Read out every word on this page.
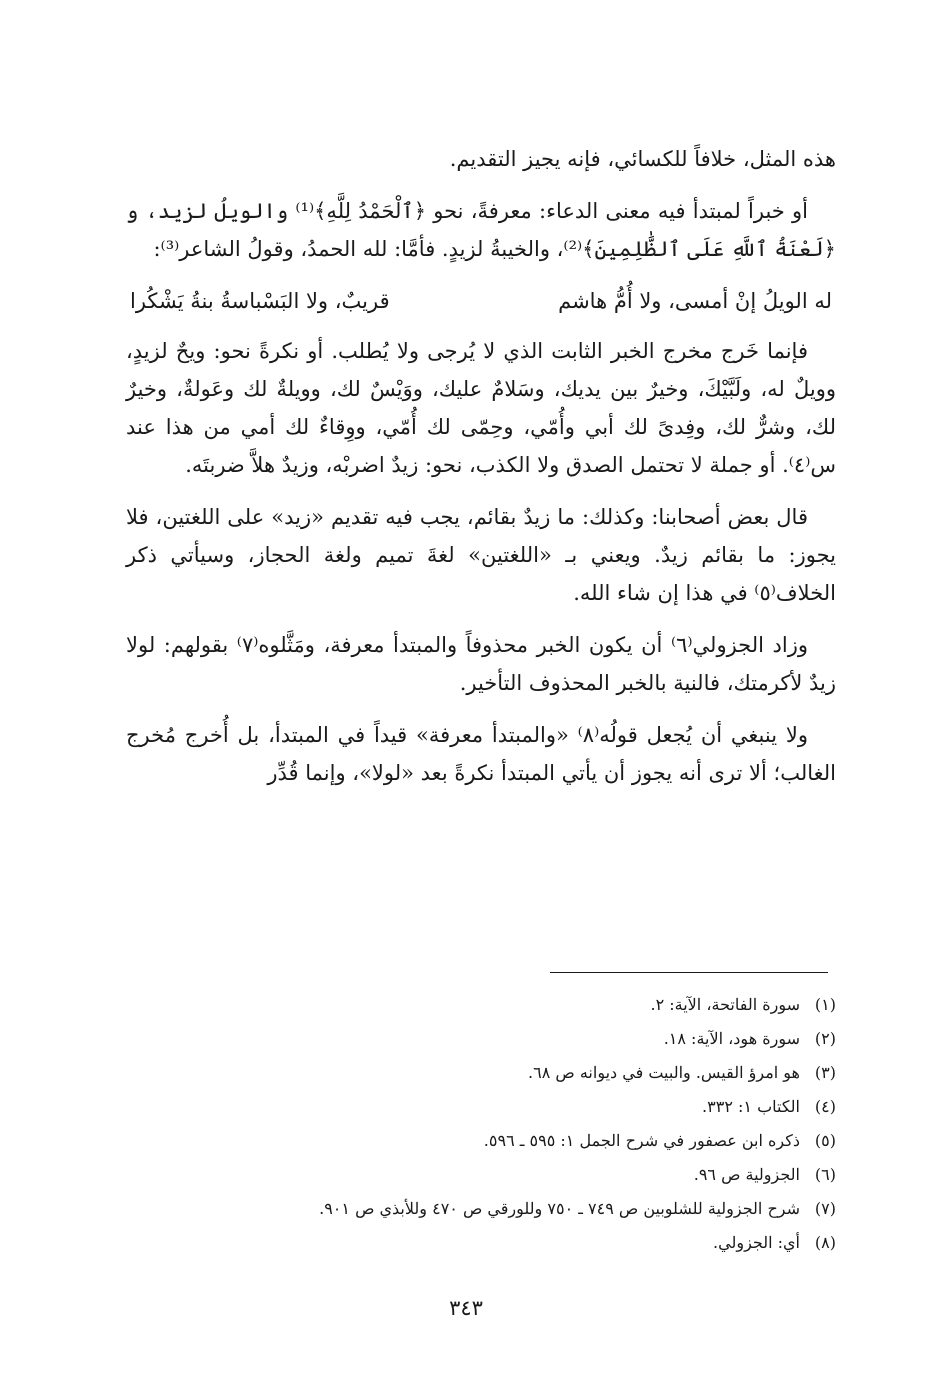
هذه المثل، خلافاً للكسائي، فإنه يجيز التقديم.

أو خبراً لمبتدأ فيه معنى الدعاء: معرفةً، نحو ﴿ٱلْحَمْدُ لِلَّهِ﴾⁽¹⁾ والويلُ لزيد، و ﴿لَعْنَةُ ٱللَّهِ عَلَى ٱلظَّٰلِمِينَ﴾⁽²⁾، والخيبةُ لزيدٍ. فأمَّا: لله الحمدُ، وقولُ الشاعر⁽³⁾:

له الويلُ إنْ أمسى، ولا أُمُّ هاشم
قريبٌ، ولا البَسْباسةُ بنةُ يَشْكُرا

فإنما خَرج مخرج الخبر الثابت الذي لا يُرجى ولا يُطلب. أو نكرةً نحو: ويحٌ لزيدٍ، وويلٌ له، ولَبَّيْكَ، وخيرٌ بين يديك، وسَلامٌ عليك، ووَيْسٌ لك، وويلةٌ لك وعَولةٌ، وخيرٌ لك، وشرٌّ لك، وفِدىً لك أبي وأُمّي، وحِمّى لك أُمّي، ووِقاءٌ لك أمي من هذا عند س⁽٤⁾. أو جملة لا تحتمل الصدق ولا الكذب، نحو: زيدٌ اضربْه، وزيدٌ هلاَّ ضربتَه.

قال بعض أصحابنا: وكذلك: ما زيدٌ بقائم، يجب فيه تقديم «زيد» على اللغتين، فلا يجوز: ما بقائم زيدٌ. ويعني بـ «اللغتين» لغةَ تميم ولغة الحجاز، وسيأتي ذكر الخلاف⁽٥⁾ في هذا إن شاء الله.

وزاد الجزولي⁽٦⁾ أن يكون الخبر محذوفاً والمبتدأ معرفة، ومَثَّلوه⁽٧⁾ بقولهم: لولا زيدٌ لأكرمتك، فالنية بالخبر المحذوف التأخير.

ولا ينبغي أن يُجعل قولُه⁽٨⁾ «والمبتدأ معرفة» قيداً في المبتدأ، بل أُخرج مُخرج الغالب؛ ألا ترى أنه يجوز أن يأتي المبتدأ نكرةً بعد «لولا»، وإنما قُدِّر

(١)
سورة الفاتحة، الآية: ٢.
(٢)
سورة هود، الآية: ١٨.
(٣)
هو امرؤ القيس. والبيت في ديوانه ص ٦٨.
(٤)
الكتاب ١: ٣٣٢.
(٥)
ذكره ابن عصفور في شرح الجمل ١: ٥٩٥ ـ ٥٩٦.
(٦)
الجزولية ص ٩٦.
(٧)
شرح الجزولية للشلوبين ص ٧٤٩ ـ ٧٥٠ وللورقي ص ٤٧٠ وللأبذي ص ٩٠١.
(٨)
أي: الجزولي.
٣٤٣
